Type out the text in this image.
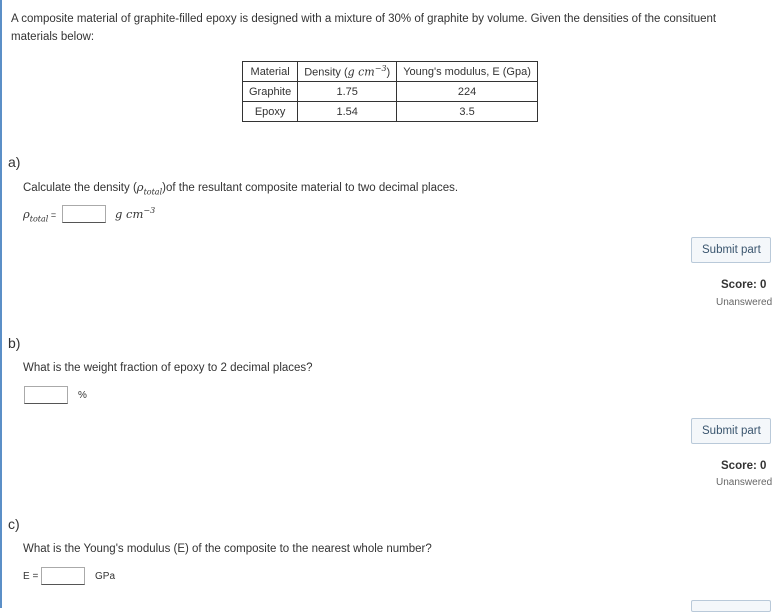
A composite material of graphite-filled epoxy is designed with a mixture of 30% of graphite by volume. Given the densities of the consituent materials below:
Material	Density (g $cm^{-3}$)	Young's modulus, E (Gpa)
Graphite	1.75	224
Epoxy	1.54	3.5
a)
Calculate the density $(\rho_{total})of$ the resultant composite material to two decimal places.
$\rho_{total}$ =	g $cm^{-3}$
Submit part
Score: 0
Unanswered
b)
What is the weight fraction of epoxy to 2 decimal places?
%
Submit part
Score: 0
Unanswered
c)
What is the Young's modulus (E) of the composite to the nearest whole number?
E =	GPa
